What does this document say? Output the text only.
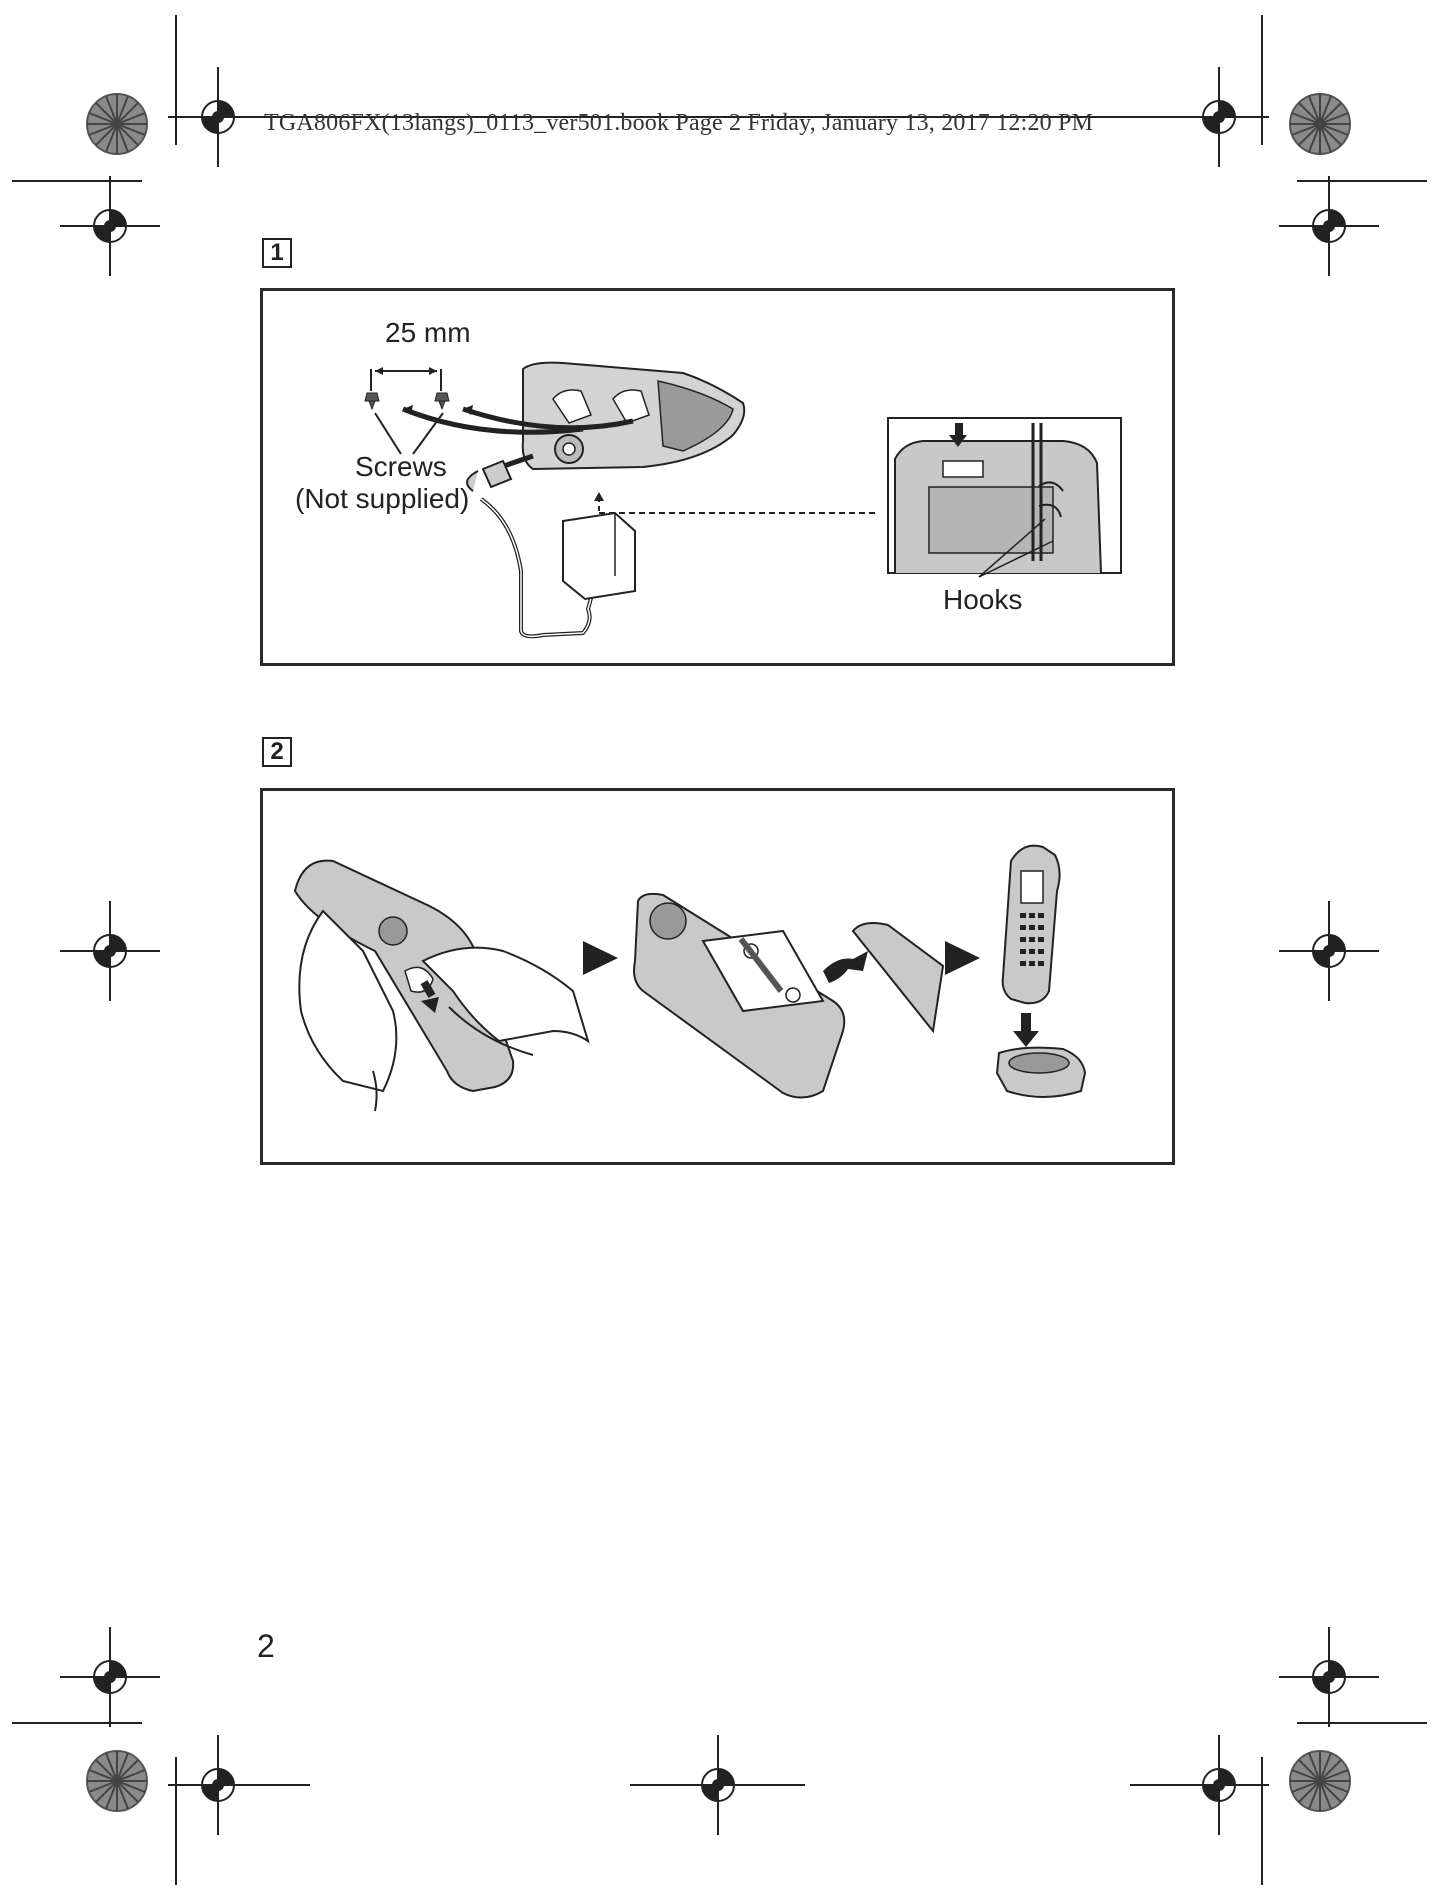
TGA806FX(13langs)_0113_ver501.book Page 2 Friday, January 13, 2017 12:20 PM
1
25 mm
Screws
(Not supplied)
Hooks
2
2
